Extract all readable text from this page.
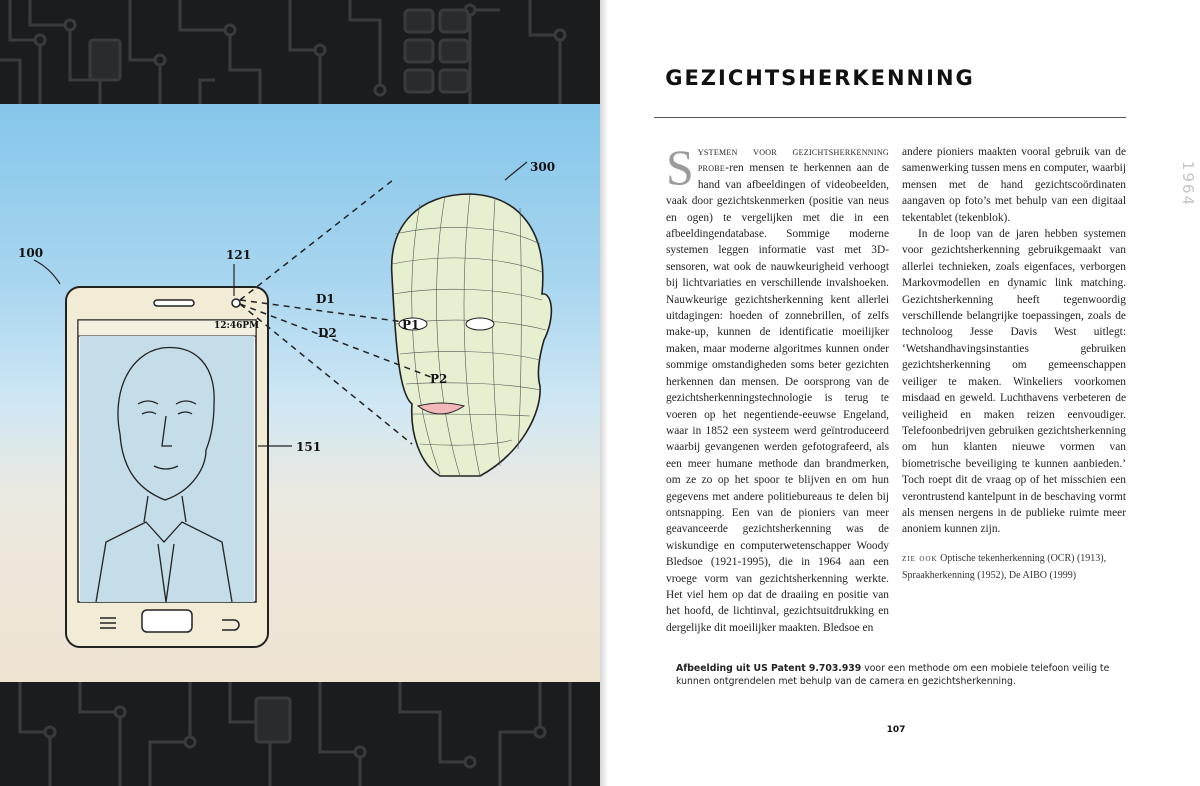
100
300
121
151
D1
D2
P1
P2
12:46PM
GEZICHTSHERKENNING
1964

Systemen voor gezichtsherkenning probe-ren mensen te herkennen aan de hand van afbeeldingen of videobeelden, vaak door gezichtskenmerken (positie van neus en ogen) te vergelijken met die in een afbeeldingendatabase. Sommige moderne systemen leggen informatie vast met 3D-sensoren, wat ook de nauwkeurigheid verhoogt bij lichtvariaties en verschillende invalshoeken. Nauwkeurige gezichtsherkenning kent allerlei uitdagingen: hoeden of zonnebrillen, of zelfs make-up, kunnen de identificatie moeilijker maken, maar moderne algoritmes kunnen onder sommige omstandigheden soms beter gezichten herkennen dan mensen. De oorsprong van de gezichtsherkenningstechnologie is terug te voeren op het negentiende-eeuwse Engeland, waar in 1852 een systeem werd geïntroduceerd waarbij gevangenen werden gefotografeerd, als een meer humane methode dan brandmerken, om ze zo op het spoor te blijven en om hun gegevens met andere politiebureaus te delen bij ontsnapping. Een van de pioniers van meer geavanceerde gezichtsherkenning was de wiskundige en computerwetenschapper Woody Bledsoe (1921-1995), die in 1964 aan een vroege vorm van gezichtsherkenning werkte. Het viel hem op dat de draaiing en positie van het hoofd, de lichtinval, gezichtsuitdrukking en dergelijke dit moeilijker maakten. Bledsoe en

andere pioniers maakten vooral gebruik van de samenwerking tussen mens en computer, waarbij mensen met de hand gezichtscoördinaten aangaven op foto’s met behulp van een digitaal tekentablet (tekenblok).

In de loop van de jaren hebben systemen voor gezichtsherkenning gebruikgemaakt van allerlei technieken, zoals eigenfaces, verborgen Markovmodellen en dynamic link matching. Gezichtsherkenning heeft tegenwoordig verschillende belangrijke toepassingen, zoals de technoloog Jesse Davis West uitlegt: ‘Wetshandhavingsinstanties gebruiken gezichtsherkenning om gemeenschappen veiliger te maken. Winkeliers voorkomen misdaad en geweld. Luchthavens verbeteren de veiligheid en maken reizen eenvoudiger. Telefoonbedrijven gebruiken gezichtsherkenning om hun klanten nieuwe vormen van biometrische beveiliging te kunnen aanbieden.’ Toch roept dit de vraag op of het misschien een verontrustend kantelpunt in de beschaving vormt als mensen nergens in de publieke ruimte meer anoniem kunnen zijn.

zie ook Optische tekenherkenning (OCR) (1913), Spraakherkenning (1952), De AIBO (1999)
Afbeelding uit US Patent 9.703.939 voor een methode om een mobiele telefoon veilig te kunnen ontgrendelen met behulp van de camera en gezichtsherkenning.
107
